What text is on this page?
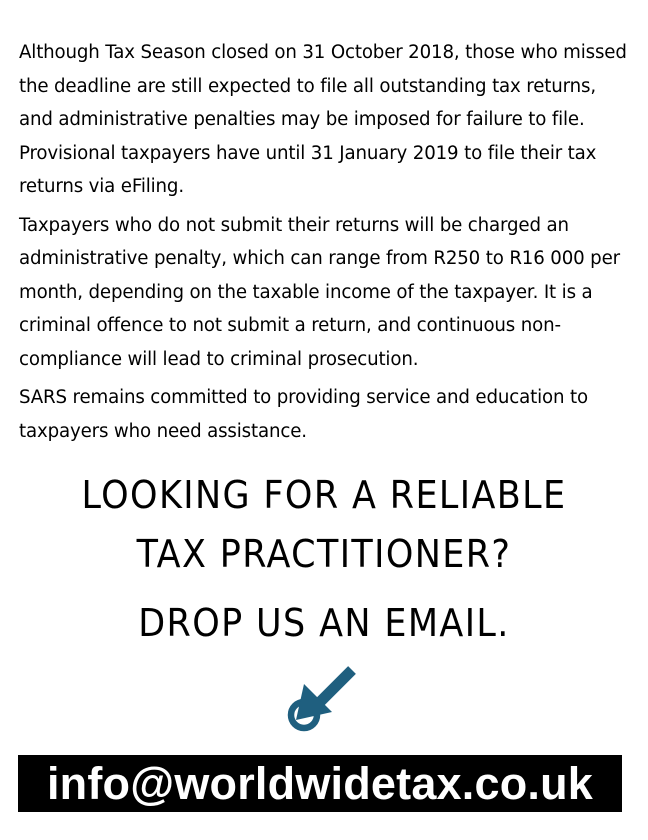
Although Tax Season closed on 31 October 2018, those who missed the deadline are still expected to file all outstanding tax returns, and administrative penalties may be imposed for failure to file. Provisional taxpayers have until 31 January 2019 to file their tax returns via eFiling.

Taxpayers who do not submit their returns will be charged an administrative penalty, which can range from R250 to R16 000 per month, depending on the taxable income of the taxpayer. It is a criminal offence to not submit a return, and continuous non-compliance will lead to criminal prosecution.

SARS remains committed to providing service and education to taxpayers who need assistance.

LOOKING FOR A RELIABLE
TAX PRACTITIONER?
DROP US AN EMAIL.
info@worldwidetax.co.uk
